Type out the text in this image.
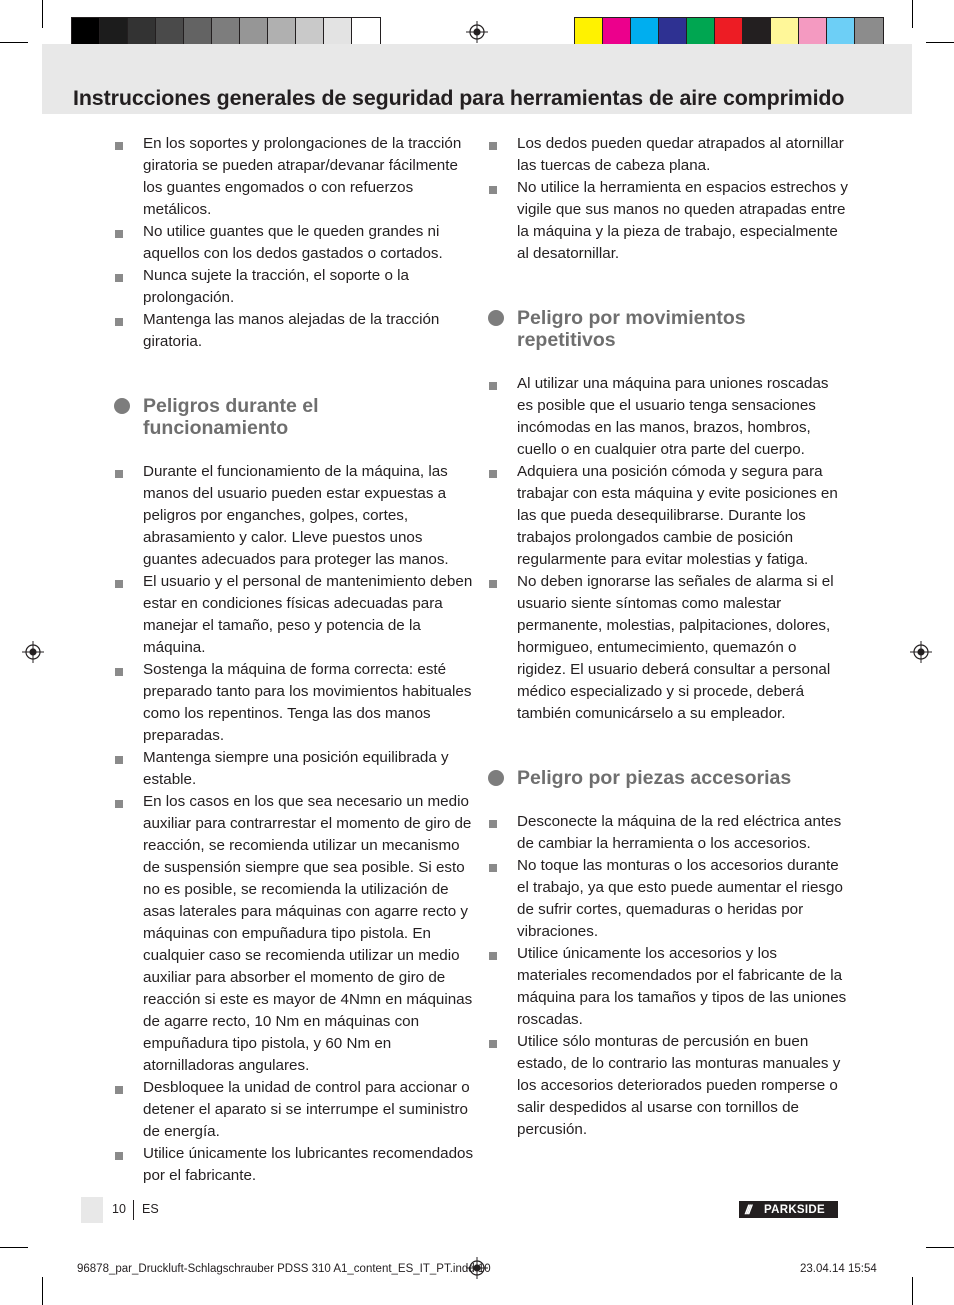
Instrucciones generales de seguridad para herramientas de aire comprimido

En los soportes y prolongaciones de la tracción giratoria se pueden atrapar/devanar fácilmente los guantes engomados o con refuerzos metálicos.

No utilice guantes que le queden grandes ni aquellos con los dedos gastados o cortados.

Nunca sujete la tracción, el soporte o la prolongación.

Mantenga las manos alejadas de la tracción giratoria.

Peligros durante el funcionamiento

Durante el funcionamiento de la máquina, las manos del usuario pueden estar expuestas a peligros por enganches, golpes, cortes, abrasamiento y calor. Lleve puestos unos guantes adecuados para proteger las manos.

El usuario y el personal de mantenimiento deben estar en condiciones físicas adecuadas para manejar el tamaño, peso y potencia de la máquina.

Sostenga la máquina de forma correcta: esté preparado tanto para los movimientos habituales como los repentinos. Tenga las dos manos preparadas.

Mantenga siempre una posición equilibrada y estable.

En los casos en los que sea necesario un medio auxiliar para contrarrestar el momento de giro de reacción, se recomienda utilizar un mecanismo de suspensión siempre que sea posible. Si esto no es posible, se recomienda la utilización de asas laterales para máquinas con agarre recto y máquinas con empuñadura tipo pistola. En cualquier caso se recomienda utilizar un medio auxiliar para absorber el momento de giro de reacción si este es mayor de 4Nmn en máquinas de agarre recto, 10 Nm en máquinas con empuñadura tipo pistola, y 60 Nm en atornilladoras angulares.

Desbloquee la unidad de control para accionar o detener el aparato si se interrumpe el suministro de energía.

Utilice únicamente los lubricantes recomendados por el fabricante.

Los dedos pueden quedar atrapados al atornillar las tuercas de cabeza plana.

No utilice la herramienta en espacios estrechos y vigile que sus manos no queden atrapadas entre la máquina y la pieza de trabajo, especialmente al desatornillar.

Peligro por movimientos repetitivos

Al utilizar una máquina para uniones roscadas es posible que el usuario tenga sensaciones incómodas en las manos, brazos, hombros, cuello o en cualquier otra parte del cuerpo.

Adquiera una posición cómoda y segura para trabajar con esta máquina y evite posiciones en las que pueda desequilibrarse. Durante los trabajos prolongados cambie de posición regularmente para evitar molestias y fatiga.

No deben ignorarse las señales de alarma si el usuario siente síntomas como malestar permanente, molestias, palpitaciones, dolores, hormigueo, entumecimiento, quemazón o rigidez. El usuario deberá consultar a personal médico especializado y si procede, deberá también comunicárselo a su empleador.

Peligro por piezas accesorias

Desconecte la máquina de la red eléctrica antes de cambiar la herramienta o los accesorios.

No toque las monturas o los accesorios durante el trabajo, ya que esto puede aumentar el riesgo de sufrir cortes, quemaduras o heridas por vibraciones.

Utilice únicamente los accesorios y los materiales recomendados por el fabricante de la máquina para los tamaños y tipos de las uniones roscadas.

Utilice sólo monturas de percusión en buen estado, de lo contrario las monturas manuales y los accesorios deteriorados pueden romperse o salir despedidos al usarse con tornillos de percusión.

10 ES	///	PARKSIDE
96878_par_Druckluft-Schlagschrauber PDSS 310 A1_content_ES_IT_PT.indd 10	23.04.14 15:54
